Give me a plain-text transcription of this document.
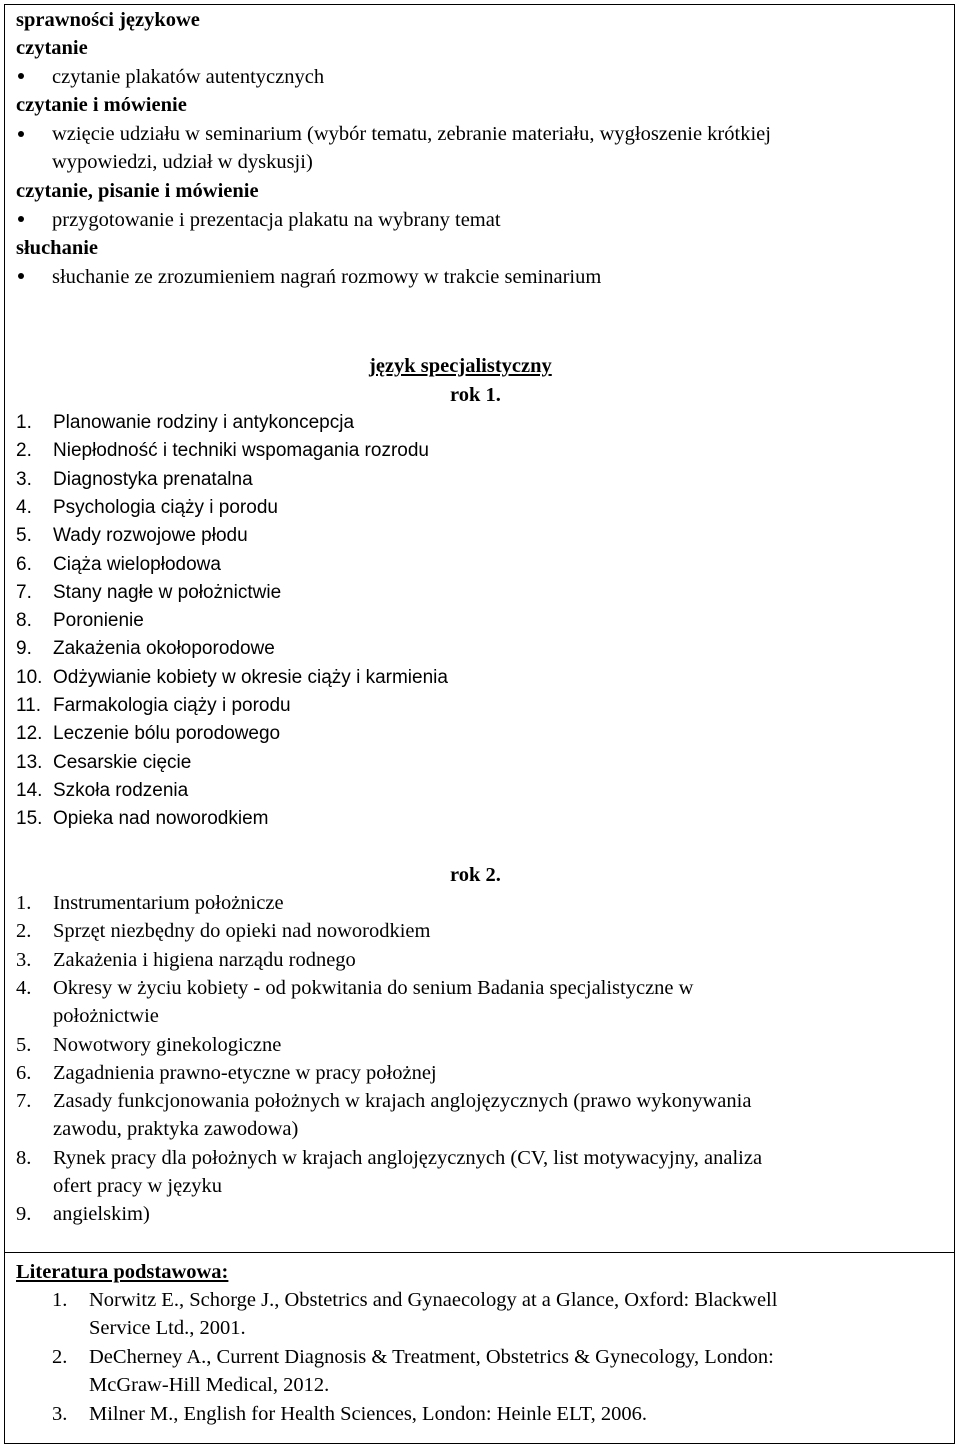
sprawności językowe
czytanie
czytanie plakatów autentycznych
czytanie i mówienie
wzięcie udziału w seminarium (wybór tematu, zebranie materiału, wygłoszenie krótkiej
wypowiedzi, udział w dyskusji)
czytanie, pisanie i mówienie
przygotowanie i prezentacja plakatu na wybrany temat
słuchanie
słuchanie ze zrozumieniem nagrań rozmowy w trakcie seminarium
język specjalistyczny
rok 1.
1. Planowanie rodziny i antykoncepcja
2. Niepłodność i techniki wspomagania rozrodu
3. Diagnostyka prenatalna
4. Psychologia ciąży i porodu
5. Wady rozwojowe płodu
6. Ciąża wielopłodowa
7. Stany nagłe w położnictwie
8. Poronienie
9. Zakażenia okołoporodowe
10. Odżywianie kobiety w okresie ciąży i karmienia
11. Farmakologia ciąży i porodu
12. Leczenie bólu porodowego
13. Cesarskie cięcie
14. Szkoła rodzenia
15. Opieka nad noworodkiem
rok 2.
1. Instrumentarium położnicze
2. Sprzęt niezbędny do opieki nad noworodkiem
3. Zakażenia i higiena narządu rodnego
4. Okresy w życiu kobiety - od pokwitania do senium Badania specjalistyczne w
położnictwie
5. Nowotwory ginekologiczne
6. Zagadnienia prawno-etyczne w pracy położnej
7. Zasady funkcjonowania położnych w krajach anglojęzycznych (prawo wykonywania
zawodu, praktyka zawodowa)
8. Rynek pracy dla położnych w krajach anglojęzycznych (CV, list motywacyjny, analiza
ofert pracy w języku
9. angielskim)
Literatura podstawowa:
1. Norwitz E., Schorge J., Obstetrics and Gynaecology at a Glance, Oxford: Blackwell
Service Ltd., 2001.
2. DeCherney A., Current Diagnosis & Treatment, Obstetrics & Gynecology, London:
McGraw-Hill Medical, 2012.
3. Milner M., English for Health Sciences, London: Heinle ELT, 2006.
